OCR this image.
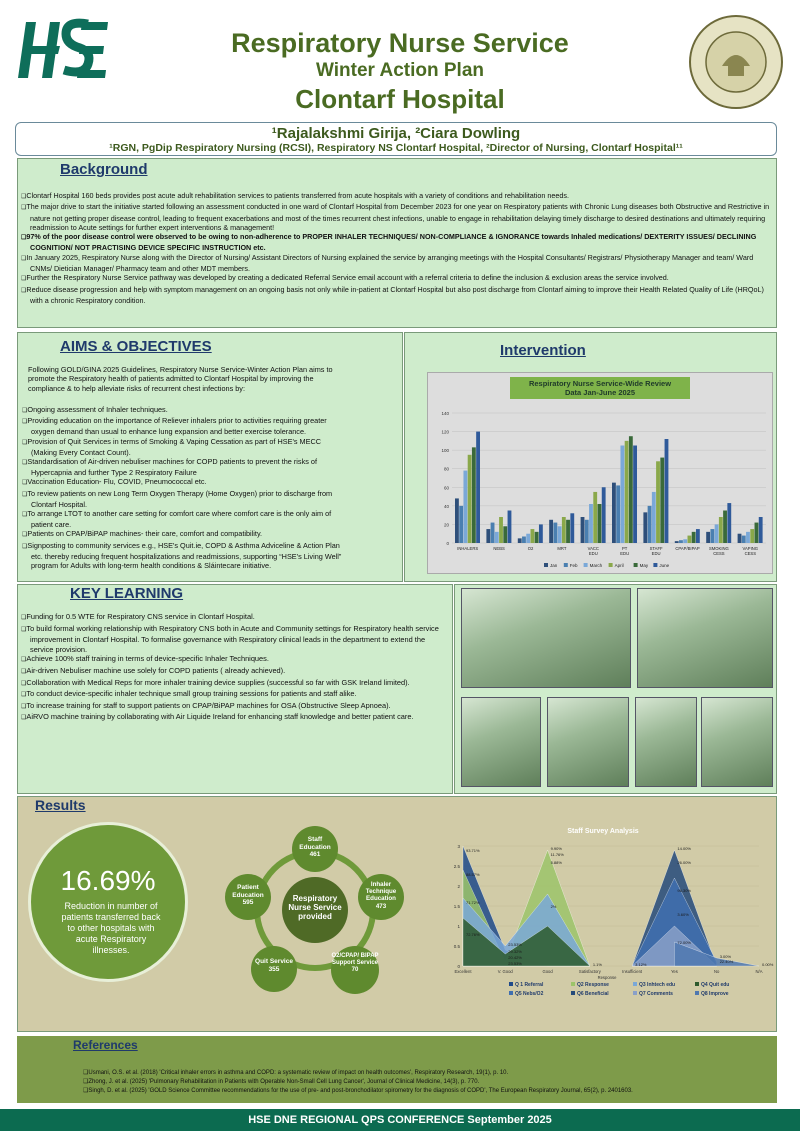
Respiratory Nurse Service
Winter Action Plan
Clontarf Hospital
¹Rajalakshmi Girija, ²Ciara Dowling
¹RGN, PgDip Respiratory Nursing (RCSI), Respiratory NS Clontarf Hospital, ²Director of Nursing, Clontarf Hospital¹¹
Background
❑ Clontarf Hospital 160 beds provides post acute adult rehabilitation services to patients transferred from acute hospitals with a variety of conditions and rehabilitation needs.
❑ The major drive to start the initiative started following an assessment conducted in one ward of Clontarf Hospital from December 2023 for one year on Respiratory patients with Chronic Lung diseases both Obstructive and Restrictive in nature not getting proper disease control, leading to frequent exacerbations and most of the times recurrent chest infections, unable to engage in rehabilitation delaying timely discharge to desired destinations and ultimately requiring readmission to Acute settings for further expert interventions & management!
❑ 97% of the poor disease control were observed to be owing to non-adherence to PROPER INHALER TECHNIQUES/ NON-COMPLIANCE & IGNORANCE towards Inhaled medications/ DEXTERITY ISSUES/ DECLINING COGNITION/ NOT PRACTISING DEVICE SPECIFIC INSTRUCTION etc.
❑ In January 2025, Respiratory Nurse along with the Director of Nursing/ Assistant Directors of Nursing explained the service by arranging meetings with the Hospital Consultants/ Registrars/ Physiotherapy Manager and team/ Ward CNMs/ Dietician Manager/ Pharmacy team and other MDT members.
❑ Further the Respiratory Nurse Service pathway was developed by creating a dedicated Referral Service email account with a referral criteria to define the inclusion & exclusion areas the service involved.
❑ Reduce disease progression and help with symptom management on an ongoing basis not only while in-patient at Clontarf Hospital but also post discharge from Clontarf aiming to improve their Health Related Quality of Life (HRQoL) with a chronic Respiratory condition.
AIMS & OBJECTIVES
Following GOLD/GINA 2025 Guidelines, Respiratory Nurse Service-Winter Action Plan aims to promote the Respiratory health of patients admitted to Clontarf Hospital by improving the compliance & to help alleviate risks of recurrent chest infections by:
❑ Ongoing assessment of Inhaler techniques.
❑ Providing education on the importance of Reliever inhalers prior to activities requiring greater oxygen demand than usual to enhance lung expansion and better exercise tolerance.
❑ Provision of Quit Services in terms of Smoking & Vaping Cessation as part of HSE's MECC (Making Every Contact Count).
❑ Standardisation of Air-driven nebuliser machines for COPD patients to prevent the risks of Hypercapnia and further Type 2 Respiratory Failure
❑ Vaccination Education- Flu, COVID, Pneumococcal etc.
❑ To review patients on new Long Term Oxygen Therapy (Home Oxygen) prior to discharge from Clontarf Hospital.
❑ To arrange LTOT to another care setting for comfort care where comfort care is the only aim of patient care.
❑ Patients on CPAP/BiPAP machines- their care, comfort and compatibility.
❑ Signposting to community services e.g., HSE's Quit.ie, COPD & Asthma Adviceline & Action Plan etc. thereby reducing frequent hospitalizations and readmissions, supporting “HSE's Living Well” program for Adults with long-term health conditions & Sláintecare initiative.
Intervention
Respiratory Nurse Service-Wide Review
Data Jan-June 2025
0
20
40
60
80
100
120
140
INHALERS	NEBS	O2	MRT	VACC
EDU
PT
EDU
STAFF
EDU
CPAP/BIPAP SMOKING
CESS
VAPING
CESS
Jan	Feb	March	April	May	June
KEY LEARNING
❑ Funding for 0.5 WTE for Respiratory CNS service in Clontarf Hospital.
❑ To build formal working relationship with Respiratory CNS both in Acute and Community settings for Respiratory health service improvement in Clontarf Hospital. To formalise governance with Respiratory clinical leads in the department to extend the service provision.
❑ Achieve 100% staff training in terms of device-specific Inhaler Techniques.
❑ Air-driven Nebuliser machine use solely for COPD patients ( already achieved).
❑ Collaboration with Medical Reps for more inhaler training device supplies (successful so far with GSK Ireland limited).
❑ To conduct device-specific inhaler technique small group training sessions for patients and staff alike.
❑ To increase training for staff to support patients on CPAP/BiPAP machines for OSA (Obstructive Sleep Apnoea).
❑ AiRVO machine training by collaborating with Air Liquide Ireland for enhancing staff knowledge and better patient care.
Results
16.69%
Reduction in number of patients transferred back to other hospitals with acute Respiratory illnesses.
Respiratory Nurse Service provided
Staff Education
461
Inhaler Technique Education
473
O2/CPAP/ BIPAP Support Service
70
Quit Service
355
Patient Education
595
Staff Survey Analysis
0
0.5
1
1.5
2
2.5
3
93.71%
88.57%
71.72%
72.76%
23.53%
29.32%
20.42%
23.53%
9.90%
11.76%
5.88%
2%
1.1%	3.12%
14.00%
26.00%
96.30%
3.60%
72.00%
3.00%
22.40%
0.00%
Excellent	V. Good	Good	Satisfactory	Insufficient	Yes	No	N/A
Response
Q 1 Referral	Q2 Response	Q3 Inhtech edu	Q4 Quit edu
Q5 Nebs/O2	Q6 Beneficial	Q7 Comments	Q8 Improve
References
❑ Usmani, O.S. et al. (2018) 'Critical inhaler errors in asthma and COPD: a systematic review of impact on health outcomes', Respiratory Research, 19(1), p. 10.
❑ Zhong, J. et al. (2025) 'Pulmonary Rehabilitation in Patients with Operable Non-Small Cell Lung Cancer', Journal of Clinical Medicine, 14(3), p. 770.
❑ Singh, D. et al. (2025) 'GOLD Science Committee recommendations for the use of pre- and post-bronchodilator spirometry for the diagnosis of COPD', The European Respiratory Journal, 65(2), p. 2401603.
HSE DNE REGIONAL QPS CONFERENCE September 2025
